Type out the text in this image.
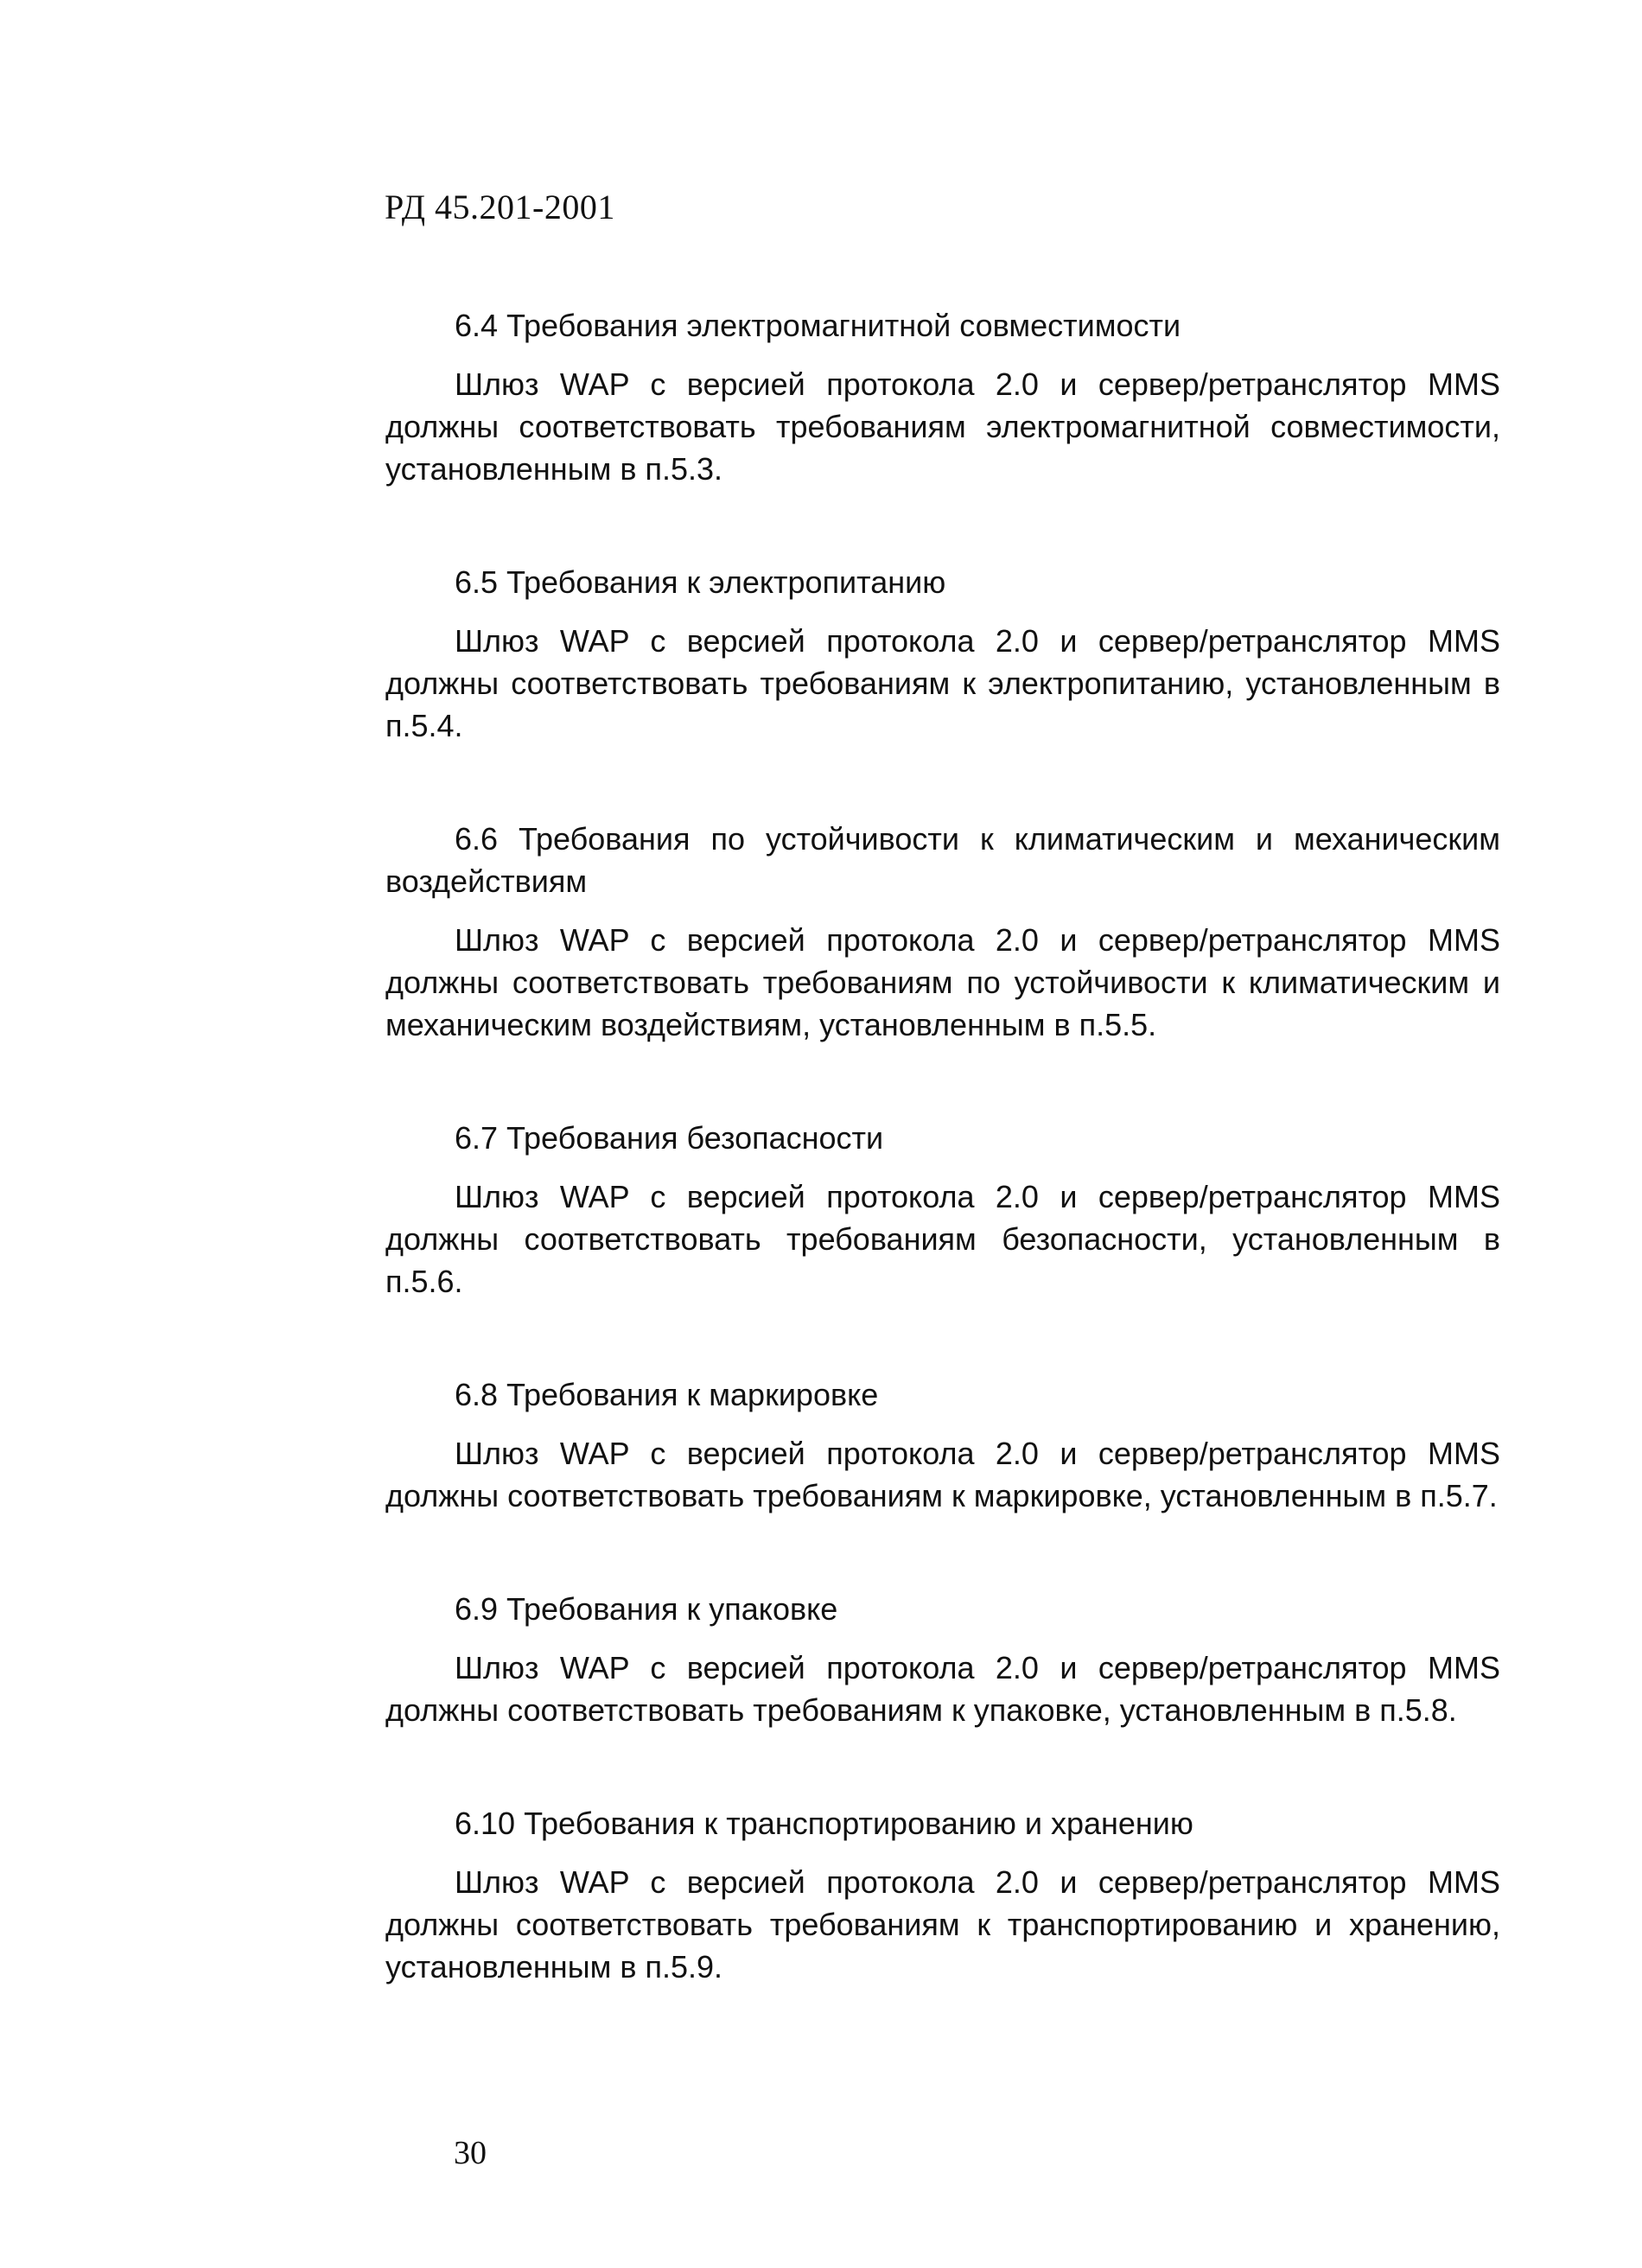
РД 45.201-2001

6.4 Требования электромагнитной совместимости

Шлюз WAP с версией протокола 2.0 и сервер/ретранслятор MMS должны соответствовать требованиям электромагнитной совместимости, установленным в п.5.3.

6.5 Требования к электропитанию

Шлюз WAP с версией протокола 2.0 и сервер/ретранслятор MMS должны соответствовать требованиям к электропитанию, установленным в п.5.4.

6.6 Требования по устойчивости к климатическим и механическим воздействиям

Шлюз WAP с версией протокола 2.0 и сервер/ретранслятор MMS должны соответствовать требованиям по устойчивости к климатическим и механическим воздействиям, установленным в п.5.5.

6.7 Требования безопасности

Шлюз WAP с версией протокола 2.0 и сервер/ретранслятор MMS должны соответствовать требованиям безопасности, установленным в п.5.6.

6.8 Требования к маркировке

Шлюз WAP с версией протокола 2.0 и сервер/ретранслятор MMS должны соответствовать требованиям к маркировке, установленным в п.5.7.

6.9 Требования к упаковке

Шлюз WAP с версией протокола 2.0 и сервер/ретранслятор MMS должны соответствовать требованиям к упаковке, установленным в п.5.8.

6.10 Требования к транспортированию и хранению

Шлюз WAP с версией протокола 2.0 и сервер/ретранслятор MMS должны соответствовать требованиям к транспортированию и хранению, установленным в п.5.9.

30
